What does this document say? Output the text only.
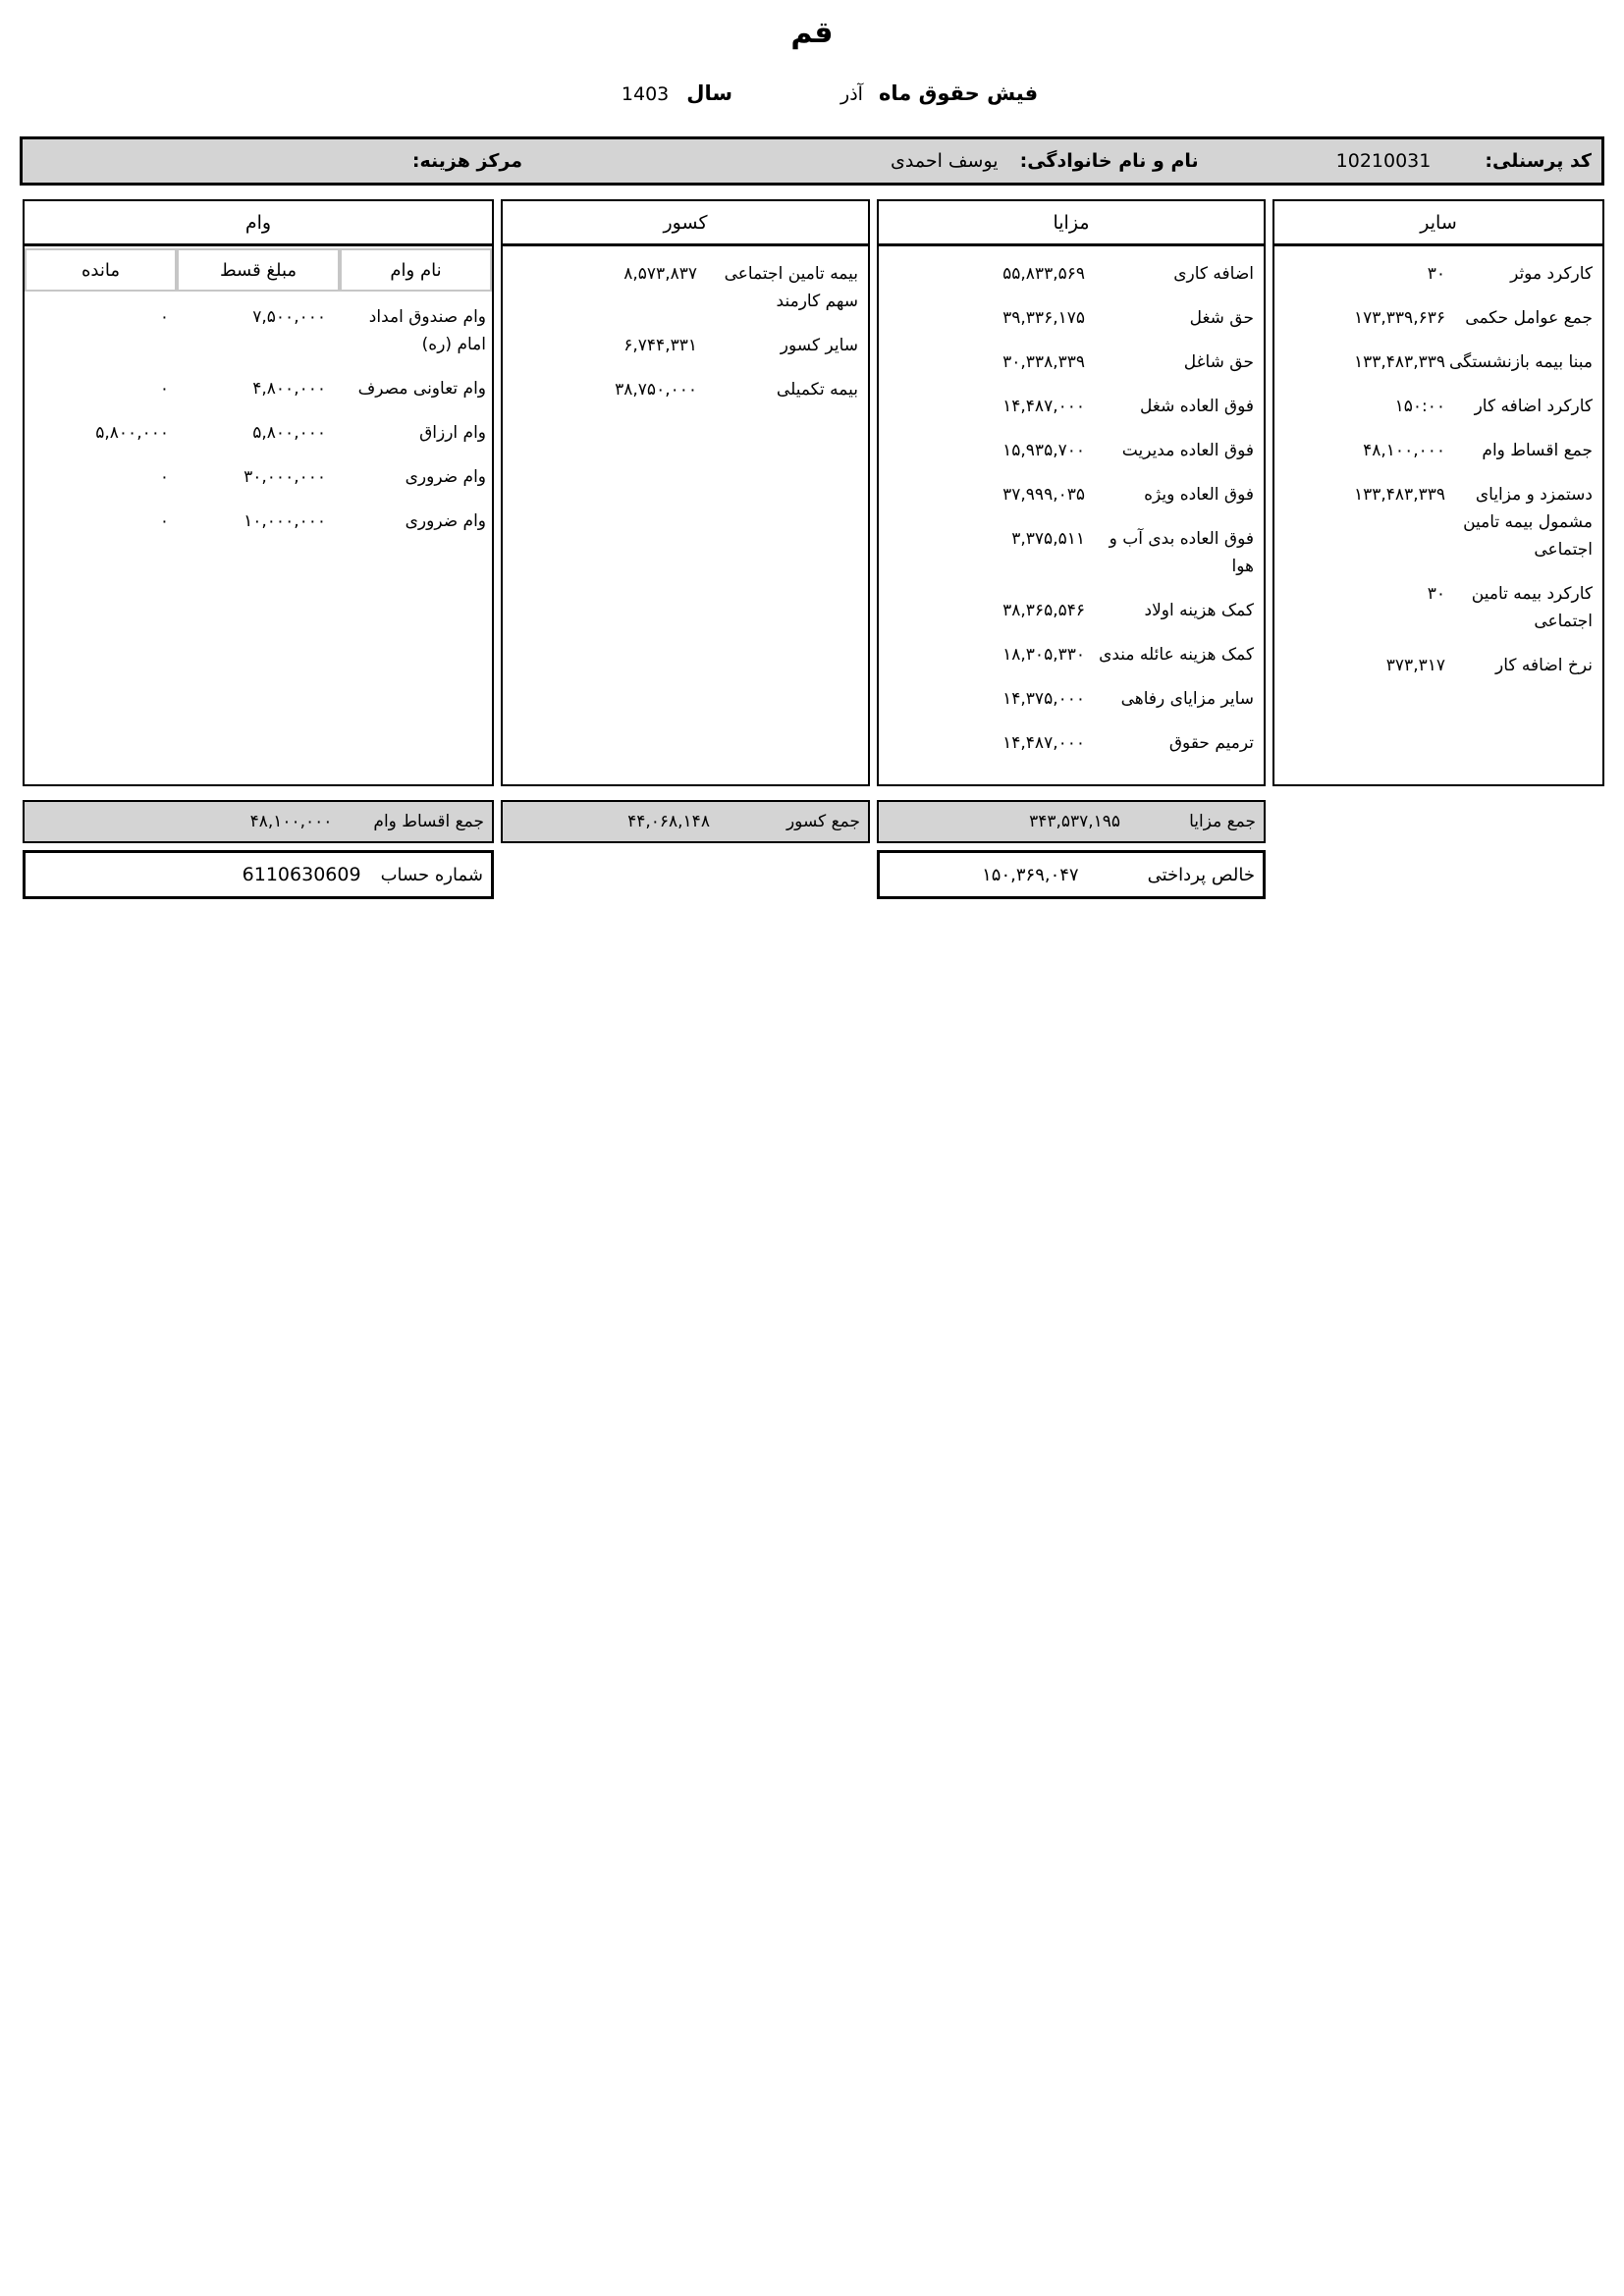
قم
فیش حقوق ماه
آذر
سال
1403
کد پرسنلی:
10210031
نام و نام خانوادگی:
یوسف احمدی
مرکز هزینه:
سایر
کارکرد موثر
۳۰
جمع عوامل حکمی
۱۷۳,​۳۳۹,​۶۳۶
مبنا بیمه بازنشستگی
۱۳۳,​۴۸۳,​۳۳۹
کارکرد اضافه کار
۱۵۰:۰۰
جمع اقساط وام
۴۸,​۱۰۰,​۰۰۰
دستمزد و مزایای مشمول بیمه تامین اجتماعی
۱۳۳,​۴۸۳,​۳۳۹
کارکرد بیمه تامین اجتماعی
۳۰
نرخ اضافه کار
۳۷۳,​۳۱۷
مزایا
اضافه کاری
۵۵,۸۳۳,۵۶۹
حق شغل
۳۹,۳۳۶,۱۷۵
حق شاغل
۳۰,۳۳۸,۳۳۹
فوق العاده شغل
۱۴,۴۸۷,۰۰۰
فوق العاده مدیریت
۱۵,۹۳۵,۷۰۰
فوق العاده ویژه
۳۷,۹۹۹,۰۳۵
فوق العاده بدی آب و هوا
۳,۳۷۵,۵۱۱
کمک هزینه اولاد
۳۸,۳۶۵,۵۴۶
کمک هزینه عائله مندی
۱۸,۳۰۵,۳۳۰
سایر مزایای رفاهی
۱۴,۳۷۵,۰۰۰
ترمیم حقوق
۱۴,۴۸۷,۰۰۰
کسور
بیمه تامین اجتماعی سهم کارمند
۸,۵۷۳,۸۳۷
سایر کسور
۶,۷۴۴,۳۳۱
بیمه تکمیلی
۳۸,۷۵۰,۰۰۰
وام
نام وام
مبلغ قسط
مانده
وام صندوق امداد امام (ره)
۷,۵۰۰,۰۰۰
۰
وام تعاونی مصرف
۴,۸۰۰,۰۰۰
۰
وام ارزاق
۵,۸۰۰,۰۰۰
۵,۸۰۰,۰۰۰
وام ضروری
۳۰,۰۰۰,۰۰۰
۰
وام ضروری
۱۰,۰۰۰,۰۰۰
۰
جمع مزایا
۳۴۳,۵۳۷,۱۹۵
جمع کسور
۴۴,۰۶۸,۱۴۸
جمع اقساط وام
۴۸,۱۰۰,۰۰۰
خالص پرداختی
۱۵۰,۳۶۹,۰۴۷
شماره حساب
6110630609
